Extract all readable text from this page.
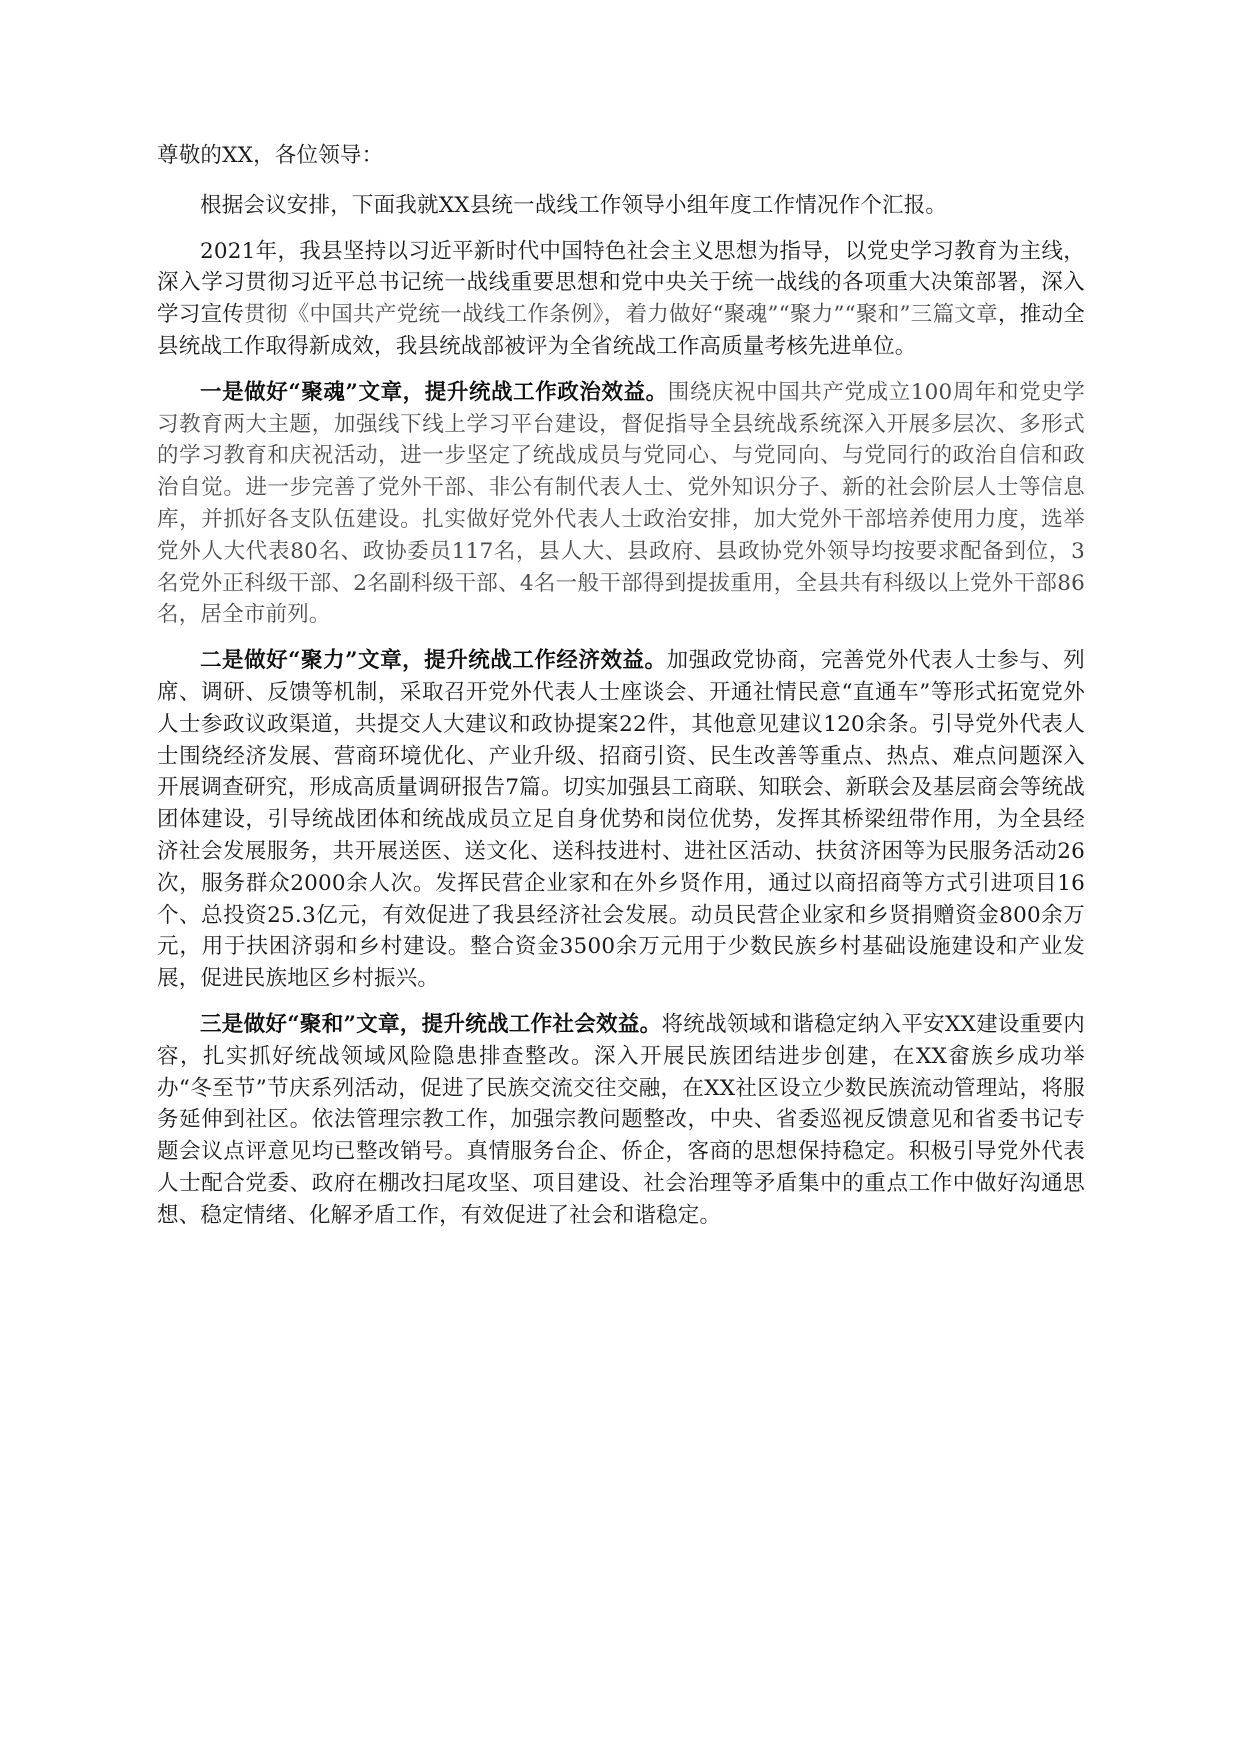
尊敬的XX，各位领导：

根据会议安排，下面我就XX县统一战线工作领导小组年度工作情况作个汇报。

2021年，我县坚持以习近平新时代中国特色社会主义思想为指导，以党史学习教育为主线，深入学习贯彻习近平总书记统一战线重要思想和党中央关于统一战线的各项重大决策部署，深入学习宣传贯彻《中国共产党统一战线工作条例》，着力做好“聚魂”“聚力”“聚和”三篇文章，推动全县统战工作取得新成效，我县统战部被评为全省统战工作高质量考核先进单位。

一是做好“聚魂”文章，提升统战工作政治效益。围绕庆祝中国共产党成立100周年和党史学习教育两大主题，加强线下线上学习平台建设，督促指导全县统战系统深入开展多层次、多形式的学习教育和庆祝活动，进一步坚定了统战成员与党同心、与党同向、与党同行的政治自信和政治自觉。进一步完善了党外干部、非公有制代表人士、党外知识分子、新的社会阶层人士等信息库，并抓好各支队伍建设。扎实做好党外代表人士政治安排，加大党外干部培养使用力度，选举党外人大代表80名、政协委员117名，县人大、县政府、县政协党外领导均按要求配备到位，3名党外正科级干部、2名副科级干部、4名一般干部得到提拔重用，全县共有科级以上党外干部86名，居全市前列。

二是做好“聚力”文章，提升统战工作经济效益。加强政党协商，完善党外代表人士参与、列席、调研、反馈等机制，采取召开党外代表人士座谈会、开通社情民意“直通车”等形式拓宽党外人士参政议政渠道，共提交人大建议和政协提案22件，其他意见建议120余条。引导党外代表人士围绕经济发展、营商环境优化、产业升级、招商引资、民生改善等重点、热点、难点问题深入开展调查研究，形成高质量调研报告7篇。切实加强县工商联、知联会、新联会及基层商会等统战团体建设，引导统战团体和统战成员立足自身优势和岗位优势，发挥其桥梁纽带作用，为全县经济社会发展服务，共开展送医、送文化、送科技进村、进社区活动、扶贫济困等为民服务活动26次，服务群众2000余人次。发挥民营企业家和在外乡贤作用，通过以商招商等方式引进项目16个、总投资25.3亿元，有效促进了我县经济社会发展。动员民营企业家和乡贤捐赠资金800余万元，用于扶困济弱和乡村建设。整合资金3500余万元用于少数民族乡村基础设施建设和产业发展，促进民族地区乡村振兴。

三是做好“聚和”文章，提升统战工作社会效益。将统战领域和谐稳定纳入平安XX建设重要内容，扎实抓好统战领域风险隐患排查整改。深入开展民族团结进步创建，在XX畲族乡成功举办“冬至节”节庆系列活动，促进了民族交流交往交融，在XX社区设立少数民族流动管理站，将服务延伸到社区。依法管理宗教工作，加强宗教问题整改，中央、省委巡视反馈意见和省委书记专题会议点评意见均已整改销号。真情服务台企、侨企，客商的思想保持稳定。积极引导党外代表人士配合党委、政府在棚改扫尾攻坚、项目建设、社会治理等矛盾集中的重点工作中做好沟通思想、稳定情绪、化解矛盾工作，有效促进了社会和谐稳定。
